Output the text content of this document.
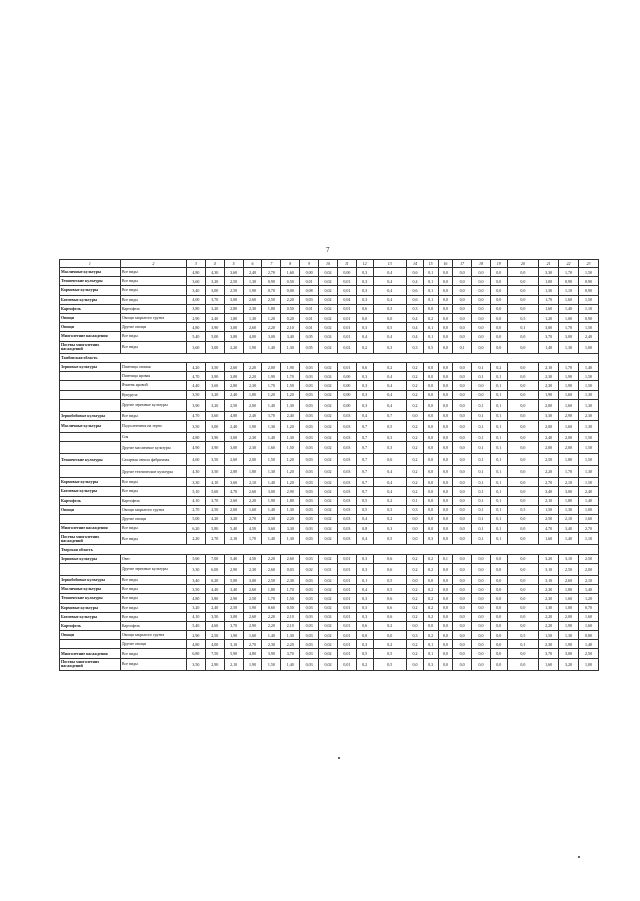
7
1	2	3	4	5	6	7	8	9	10	11	12	13	14	15	16	17	18	19	20	21	22	23
Масличные культуры	Все виды	4,80	4,30	3,60	2,40	2,70	1,60	0,00	0,02	0,00	0,3	0,4	0,6	0,1	0,0	0,0	0,0	0,0	0,0	3,30	1,70	1,50
Технические культуры	Все виды	3,60	3,20	2,50	1,30	0,90	0,50	0,01	0,02	0,01	0,3	0,4	0,4	0,1	0,0	0,0	0,0	0,0	0,0	1,00	0,90	0,90
Кормовые культуры	Все виды	3,40	3,00	2,50	1,90	0,70	0,00	0,08	0,02	0,01	0,3	0,4	0,6	0,1	0,0	0,0	0,0	0,0	0,0	1,30	1,10	0,90
Бахчевые культуры	Все виды	4,00	3,70	3,00	2,60	2,50	2,20	0,03	0,02	0,04	0,3	0,4	0,6	0,1	0,0	0,0	0,0	0,0	0,0	1,70	1,60	1,50
Картофель	Картофель	3,80	3,20	2,80	2,30	1,80	0,50	0,01	0,02	0,01	0,6	0,3	0,3	0,0	0,0	0,0	0,0	0,0	0,0	1,60	1,40	1,10
Овощи	Овощи закрытого грунта	2,90	2,40	1,80	1,30	1,20	0,20	0,01	0,02	0,01	0,0	0,0	0,4	0,2	0,0	0,0	0,0	0,0	0,5	1,20	1,00	0,90
Овощи	Другие овощи	4,80	3,90	3,00	2,60	2,20	2,10	0,01	0,02	0,01	0,3	0,5	0,4	0,1	0,0	0,0	0,0	0,0	0,1	3,00	1,70	1,50
Многолетние насаждения	Все виды	5,40	5,00	3,80	4,00	3,00	3,40	0,05	0,02	0,01	0,4	0,4	0,4	0,1	0,0	0,0	0,0	0,0	0,0	3,70	3,00	2,40
Посевы многолетних насаждений	Все виды	3,60	3,00	2,20	1,90	1,40	1,30	0,05	0,02	0,02	0,2	0,3	0,3	0,5	0,0	0,1	0,0	0,0	0,0	1,40	1,30	1,00
Тамбовская область																						
Зерновые культуры	Пшеница озимая	4,20	3,50	2,60	2,20	2,00	1,90	0,03	0,02	0,01	0,6	0,2	0,2	0,0	0,0	0,0	0,1	0,2	0,0	2,10	1,70	1,40
	Пшеница яровая	4,70	3,90	3,00	2,20	1,90	1,70	0,03	0,02	0,00	0,3	0,4	0,2	0,0	0,0	0,0	0,1	0,1	0,0	2,30	1,90	1,50
	Ячмень яровой	4,40	3,60	2,80	2,30	1,70	1,50	0,03	0,02	0,00	0,3	0,4	0,2	0,0	0,0	0,0	0,0	0,1	0,0	2,30	1,90	1,50
	Кукуруза	3,50	3,20	2,40	1,80	1,20	1,20	0,03	0,02	0,00	0,3	0,4	0,2	0,0	0,0	0,0	0,0	0,1	0,0	1,90	1,60	1,30
	Другие зерновые культуры	3,90	3,20	2,50	2,00	1,40	1,30	0,03	0,02	0,00	0,3	0,4	0,2	0,0	0,0	0,0	0,1	0,1	0,0	2,00	1,60	1,30
Зернобобовые культуры	Все виды	4,70	3,60	4,80	2,40	3,70	2,40	0,03	0,02	0,03	0,4	0,7	0,0	0,0	0,0	0,0	0,1	0,1	0,0	3,30	2,90	2,30
Масличные культуры	Подсолнечник на зерно	3,50	3,00	2,40	1,90	1,30	1,20	0,03	0,02	0,03	0,7	0,5	0,2	0,0	0,0	0,0	0,1	0,1	0,0	2,00	1,60	1,30
	Соя	4,80	3,90	3,00	2,30	1,40	1,30	0,03	0,02	0,03	0,7	0,3	0,2	0,0	0,0	0,0	0,1	0,1	0,0	2,40	2,00	1,50
	Другие масличные культуры	4,90	3,90	3,00	2,30	1,60	1,50	0,03	0,02	0,03	0,7	0,3	0,2	0,0	0,0	0,0	0,1	0,1	0,0	2,00	2,00	1,50
Технические культуры	Сахарная свекла фабричная	4,60	3,50	2,60	2,00	1,50	1,20	0,03	0,02	0,03	0,7	0,6	0,2	0,0	0,0	0,0	0,1	0,1	0,0	2,50	1,80	1,50
	Другие технические культуры	4,30	3,50	2,80	1,80	1,30	1,20	0,03	0,02	0,03	0,7	0,4	0,2	0,0	0,0	0,0	0,1	0,1	0,0	2,20	1,70	1,30
Кормовые культуры	Все виды	3,30	4,10	3,60	2,10	1,40	1,20	0,03	0,02	0,03	0,7	0,4	0,2	0,0	0,0	0,0	0,1	0,1	0,0	2,70	2,10	1,50
Бахчевые культуры	Все виды	5,10	5,60	4,70	2,60	3,00	2,90	0,03	0,02	0,03	0,7	0,4	0,2	0,0	0,0	0,0	0,1	0,1	0,0	3,40	3,00	2,40
Картофель	Картофель	4,10	3,70	2,60	2,20	1,90	1,80	0,03	0,02	0,03	0,5	0,2	0,1	0,0	0,0	0,0	0,1	0,1	0,0	2,10	1,80	1,40
Овощи	Овощи закрытого грунта	2,70	2,50	2,00	1,60	1,40	1,30	0,03	0,02	0,03	0,5	0,3	0,3	0,0	0,0	0,0	0,1	0,1	0,5	1,50	1,30	1,00
	Другие овощи	5,00	4,20	3,20	2,70	2,30	2,20	0,03	0,02	0,03	0,4	0,2	0,0	0,0	0,0	0,0	0,1	0,1	0,0	2,50	2,10	1,60
Многолетние насаждения	Все виды	6,20	5,80	5,40	4,50	3,60	3,30	0,03	0,02	0,03	0,8	0,3	0,0	0,0	0,0	0,0	0,1	0,1	0,0	4,70	3,40	2,70
Посевы многолетних насаждений	Все виды	2,20	2,70	2,10	1,70	1,40	1,30	0,03	0,02	0,03	0,4	0,5	0,0	0,3	0,0	0,0	0,1	0,1	0,0	1,60	1,40	1,10
Тверская область																						
Зерновые культуры	Овес	5,60	7,00	5,40	4,50	2,20	2,60	0,03	0,02	0,01	0,3	0,6	0,2	0,2	0,1	0,0	0,0	0,0	0,0	3,20	3,10	2,50
	Другие зерновые культуры	3,30	6,00	2,90	2,30	2,60	0,03	0,02	0,01	0,01	0,3	0,6	0,2	0,2	0,0	0,0	0,0	0,0	0,0	3,10	2,50	2,00
Зернобобовые культуры	Все виды	3,40	6,20	5,00	3,00	2,50	2,30	0,03	0,02	0,01	0,1	0,5	0,0	0,0	0,0	0,0	0,0	0,0	0,0	3,10	2,60	2,10
Масличные культуры	Все виды	3,50	4,40	3,40	2,60	1,80	1,70	0,03	0,02	0,01	0,4	0,5	0,2	0,2	0,0	0,0	0,0	0,0	0,0	2,30	1,80	1,40
Технические культуры	Все виды	4,80	3,80	2,90	2,50	1,70	1,50	0,03	0,02	0,01	0,3	0,6	0,2	0,2	0,0	0,0	0,0	0,0	0,0	2,30	1,60	1,20
Кормовые культуры	Все виды	3,20	2,40	2,50	1,90	0,60	0,50	0,03	0,02	0,01	0,3	0,6	0,2	0,2	0,0	0,0	0,0	0,0	0,0	1,30	1,00	0,70
Бахчевые культуры	Все виды	4,10	3,50	3,00	2,60	2,20	2,10	0,03	0,02	0,01	0,3	0,6	0,2	0,2	0,0	0,0	0,0	0,0	0,0	2,20	2,00	1,60
Картофель	Картофель	5,40	4,60	3,70	2,90	2,20	2,10	0,03	0,02	0,01	0,6	0,2	0,0	0,0	0,0	0,0	0,0	0,0	0,0	2,20	1,90	1,60
Овощи	Овощи закрытого грунта	2,90	2,50	1,90	1,60	1,40	1,30	0,03	0,02	0,01	0,0	0,0	0,3	0,2	0,0	0,0	0,0	0,0	0,5	1,50	1,30	0,80
	Другие овощи	4,80	4,00	3,10	2,70	2,30	2,20	0,03	0,02	0,01	0,3	0,2	0,2	0,1	0,0	0,0	0,0	0,0	0,1	2,30	1,90	1,40
Многолетние насаждения	Все виды	6,80	7,50	5,90	4,80	3,90	3,70	0,03	0,02	0,01	0,5	0,5	0,2	0,1	0,0	0,0	0,0	0,0	0,0	3,70	3,00	2,50
Посевы многолетних насаждений	Все виды	3,50	2,90	2,10	1,90	1,50	1,40	0,03	0,02	0,01	0,2	0,5	0,0	0,3	0,0	0,0	0,0	0,0	0,0	1,60	3,20	1,00
